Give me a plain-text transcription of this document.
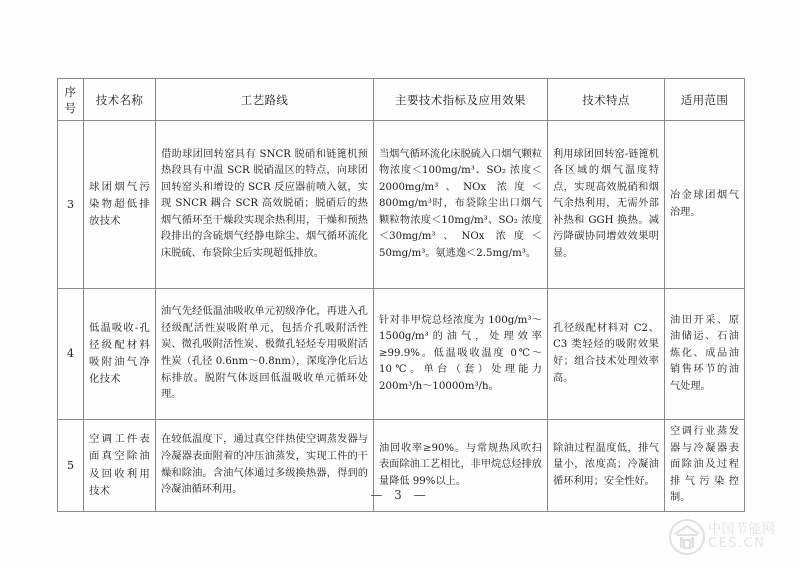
序号	技术名称	工艺路线	主要技术指标及应用效果	技术特点	适用范围
3	球团烟气污染物超低排放技术	借助球团回转窑具有 SNCR 脱硝和链篦机预热段具有中温 SCR 脱硝温区的特点，向球团回转窑头和增设的 SCR 反应器前喷入氨，实现 SNCR 耦合 SCR 高效脱硝；脱硝后的热烟气循环至干燥段实现余热利用，干燥和预热段排出的含硫烟气经静电除尘、烟气循环流化床脱硫、布袋除尘后实现超低排放。	当烟气循环流化床脱硫入口烟气颗粒物浓度＜100mg/m³、SO₂ 浓度＜2000mg/m³、NOx 浓度＜800mg/m³时，布袋除尘出口烟气颗粒物浓度＜10mg/m³、SO₂ 浓度＜30mg/m³、NOx 浓度＜50mg/m³。氨逃逸＜2.5mg/m³。	利用球团回转窑-链篦机各区域的烟气温度特点，实现高效脱硝和烟气余热利用，无需外部补热和 GGH 换热。减污降碳协同增效效果明显。	冶金球团烟气治理。
4	低温吸收-孔径级配材料吸附油气净化技术	油气先经低温油吸收单元初级净化，再进入孔径级配活性炭吸附单元，包括介孔吸附活性炭、微孔吸附活性炭、极微孔轻烃专用吸附活性炭（孔径 0.6nm～0.8nm），深度净化后达标排放。脱附气体返回低温吸收单元循环处理。	针对非甲烷总烃浓度为 100g/m³～1500g/m³的油气，处理效率≥99.9%。低温吸收温度 0℃～10℃。单台（套）处理能力 200m³/h～10000m³/h。	孔径级配材料对 C2、C3 类轻烃的吸附效果好；组合技术处理效率高。	油田开采、原油储运、石油炼化、成品油销售环节的油气处理。
5	空调工件表面真空除油及回收利用技术	在较低温度下，通过真空伴热使空调蒸发器与冷凝器表面附着的冲压油蒸发，实现工件的干燥和除油。含油气体通过多级换热器，得到的冷凝油循环利用。	油回收率≥90%。与常规热风吹扫表面除油工艺相比，非甲烷总烃排放量降低 99%以上。	除油过程温度低，排气量小，浓度高；冷凝油循环利用；安全性好。	空调行业蒸发器与冷凝器表面除油及过程排气污染控制。
— 3 —
中国节能网
CES.CN
